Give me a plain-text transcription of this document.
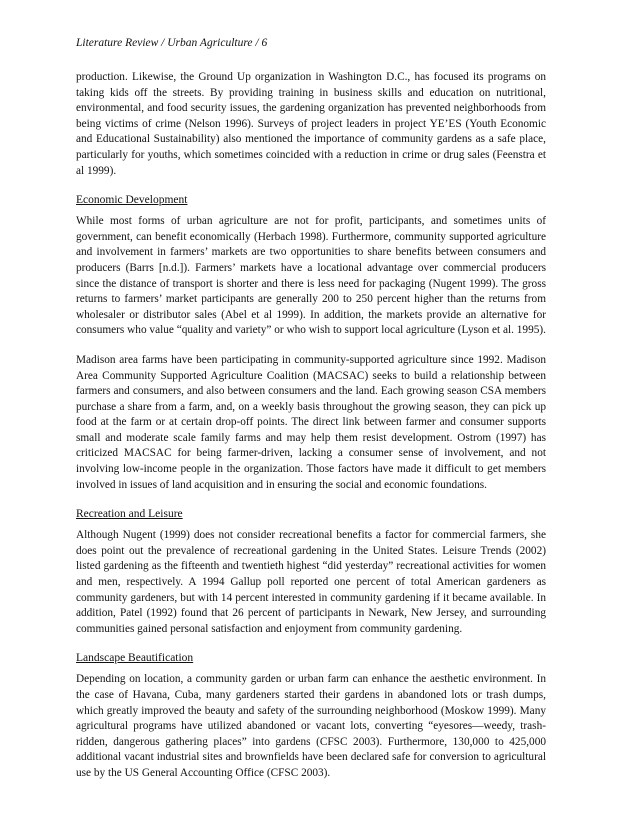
Literature Review / Urban Agriculture / 6

production. Likewise, the Ground Up organization in Washington D.C., has focused its programs on taking kids off the streets. By providing training in business skills and education on nutritional, environmental, and food security issues, the gardening organization has prevented neighborhoods from being victims of crime (Nelson 1996). Surveys of project leaders in project YE’ES (Youth Economic and Educational Sustainability) also mentioned the importance of community gardens as a safe place, particularly for youths, which sometimes coincided with a reduction in crime or drug sales (Feenstra et al 1999).

Economic Development

While most forms of urban agriculture are not for profit, participants, and sometimes units of government, can benefit economically (Herbach 1998). Furthermore, community supported agriculture and involvement in farmers’ markets are two opportunities to share benefits between consumers and producers (Barrs [n.d.]). Farmers’ markets have a locational advantage over commercial producers since the distance of transport is shorter and there is less need for packaging (Nugent 1999). The gross returns to farmers’ market participants are generally 200 to 250 percent higher than the returns from wholesaler or distributor sales (Abel et al 1999). In addition, the markets provide an alternative for consumers who value “quality and variety” or who wish to support local agriculture (Lyson et al. 1995).

Madison area farms have been participating in community-supported agriculture since 1992. Madison Area Community Supported Agriculture Coalition (MACSAC) seeks to build a relationship between farmers and consumers, and also between consumers and the land. Each growing season CSA members purchase a share from a farm, and, on a weekly basis throughout the growing season, they can pick up food at the farm or at certain drop-off points. The direct link between farmer and consumer supports small and moderate scale family farms and may help them resist development. Ostrom (1997) has criticized MACSAC for being farmer-driven, lacking a consumer sense of involvement, and not involving low-income people in the organization. Those factors have made it difficult to get members involved in issues of land acquisition and in ensuring the social and economic foundations.

Recreation and Leisure

Although Nugent (1999) does not consider recreational benefits a factor for commercial farmers, she does point out the prevalence of recreational gardening in the United States. Leisure Trends (2002) listed gardening as the fifteenth and twentieth highest “did yesterday” recreational activities for women and men, respectively. A 1994 Gallup poll reported one percent of total American gardeners as community gardeners, but with 14 percent interested in community gardening if it became available. In addition, Patel (1992) found that 26 percent of participants in Newark, New Jersey, and surrounding communities gained personal satisfaction and enjoyment from community gardening.

Landscape Beautification

Depending on location, a community garden or urban farm can enhance the aesthetic environment. In the case of Havana, Cuba, many gardeners started their gardens in abandoned lots or trash dumps, which greatly improved the beauty and safety of the surrounding neighborhood (Moskow 1999). Many agricultural programs have utilized abandoned or vacant lots, converting “eyesores—weedy, trash-ridden, dangerous gathering places” into gardens (CFSC 2003). Furthermore, 130,000 to 425,000 additional vacant industrial sites and brownfields have been declared safe for conversion to agricultural use by the US General Accounting Office (CFSC 2003).
